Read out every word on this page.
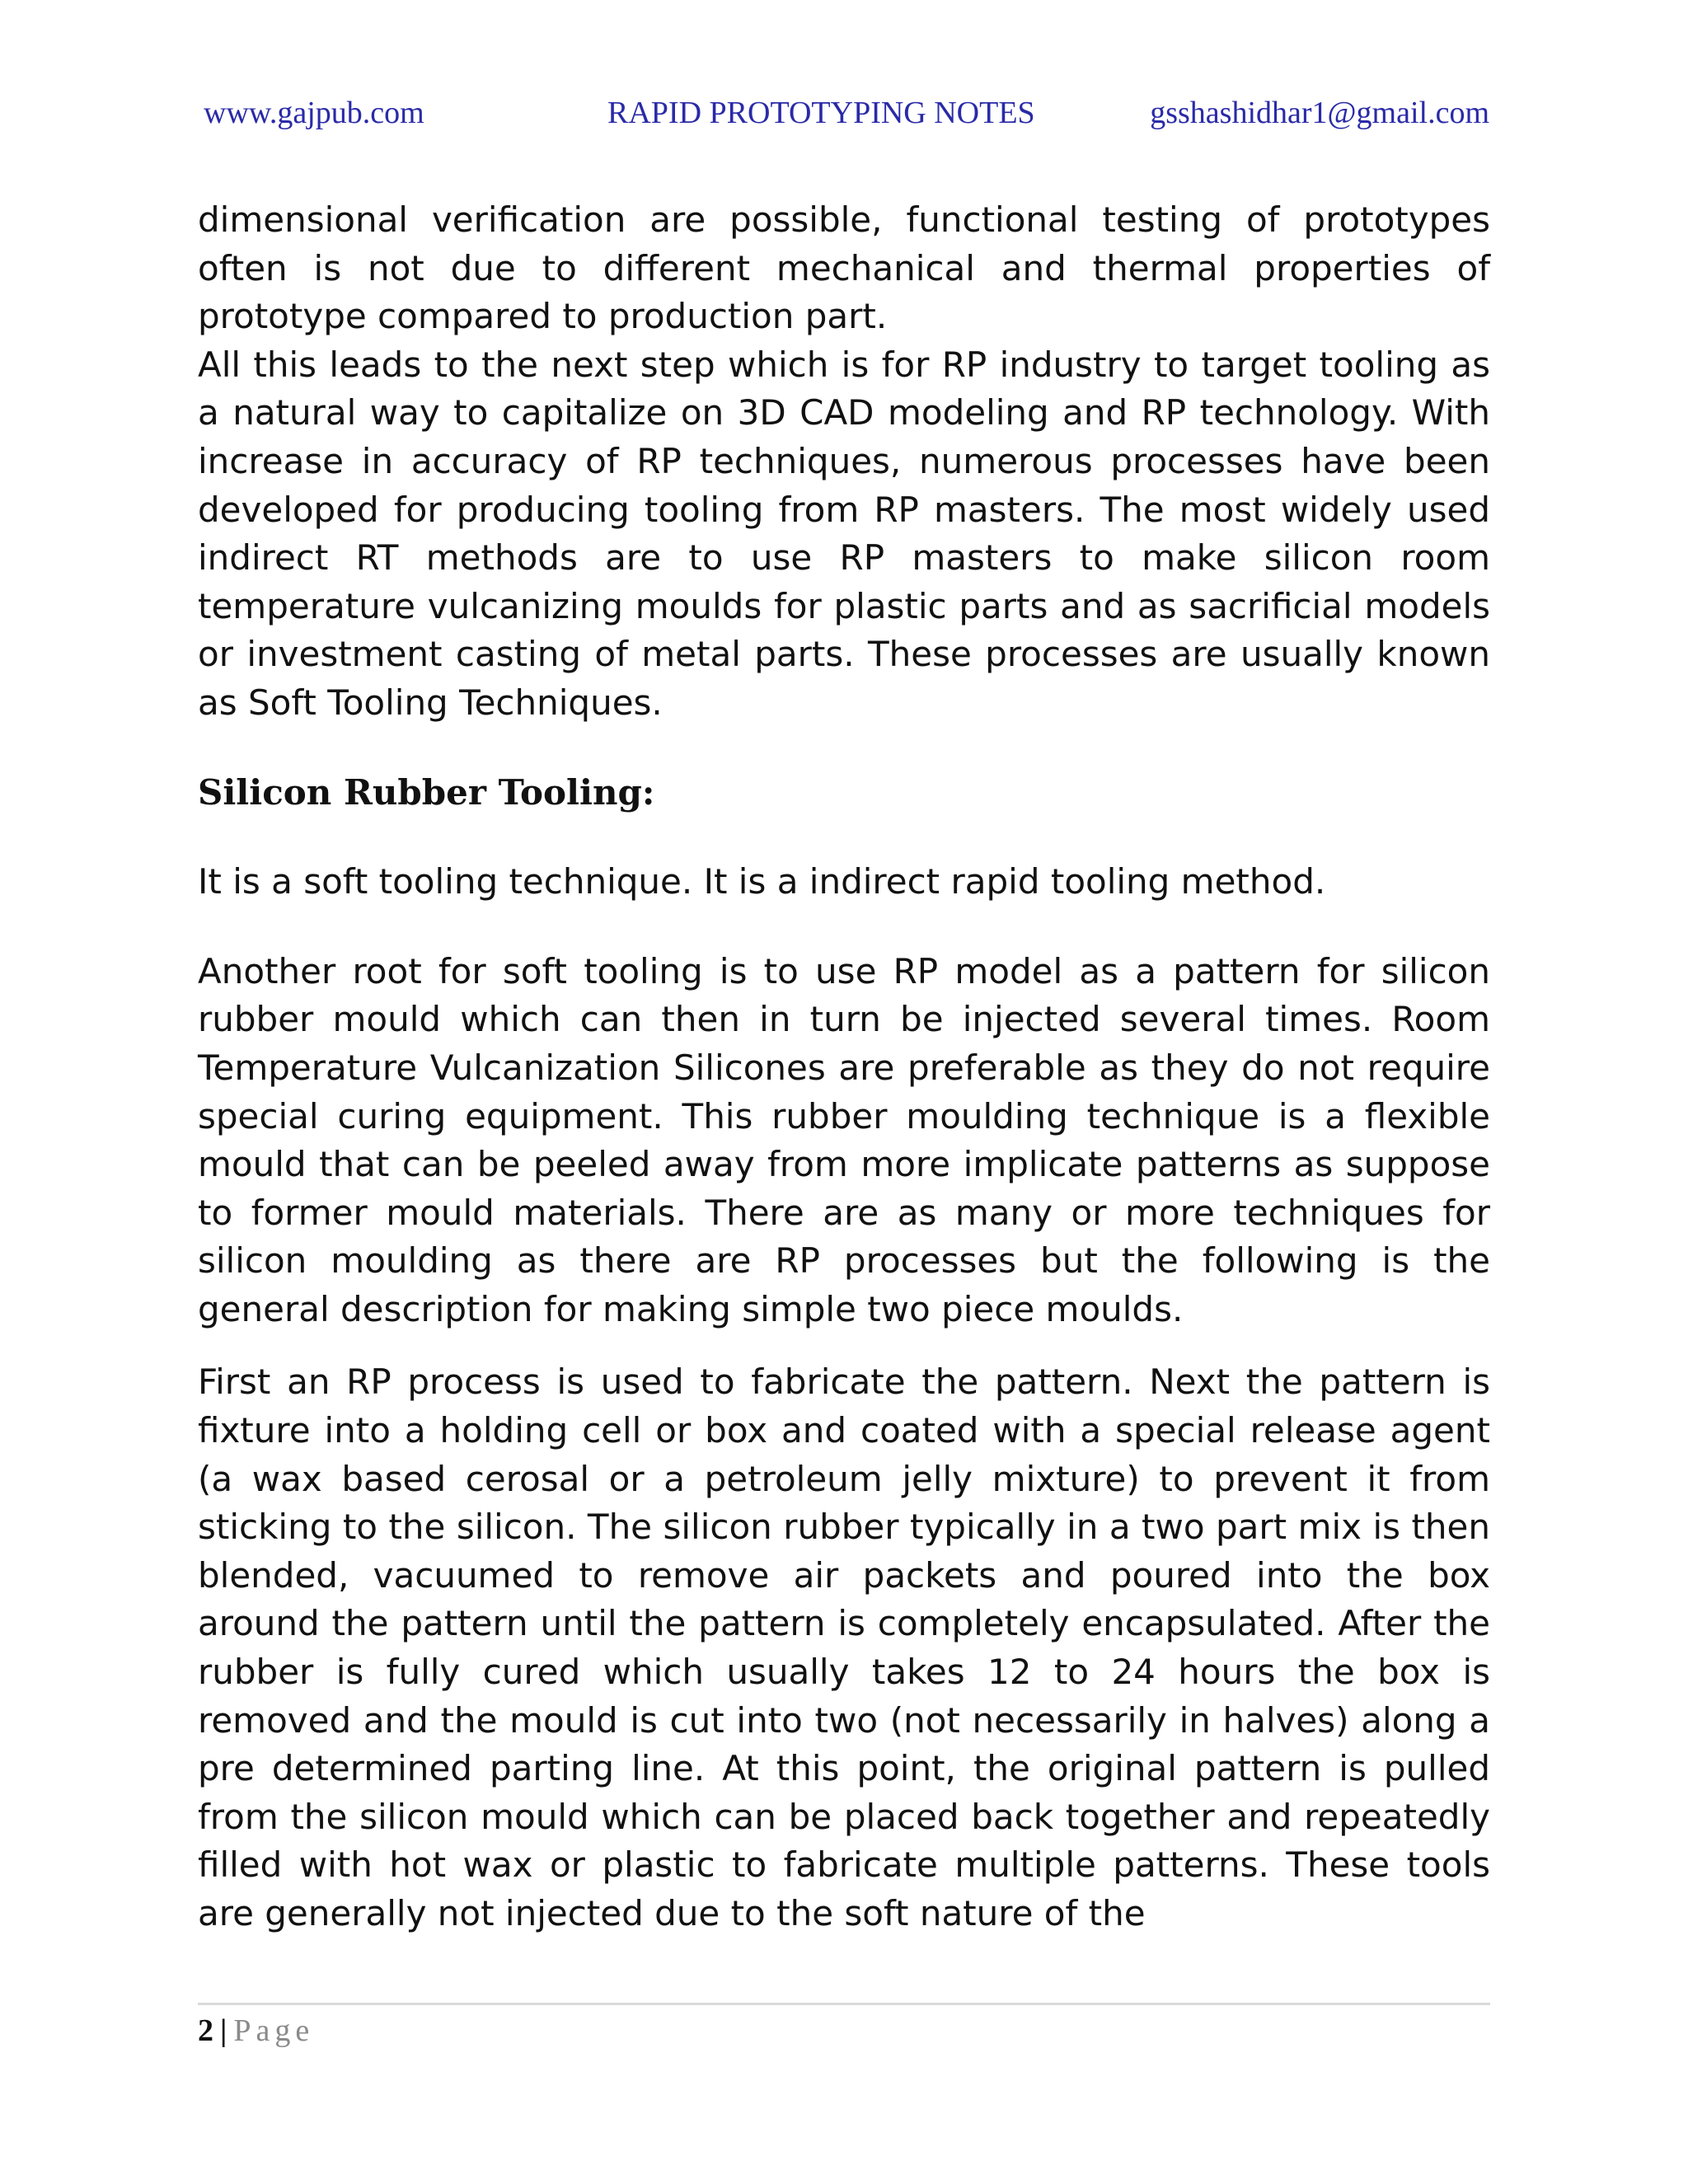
www.gajpub.com	RAPID PROTOTYPING NOTES	gsshashidhar1@gmail.com

dimensional verification are possible, functional testing of prototypes often is not due to different mechanical and thermal properties of prototype compared to production part.

All this leads to the next step which is for RP industry to target tooling as a natural way to capitalize on 3D CAD modeling and RP technology. With increase in accuracy of RP techniques, numerous processes have been developed for producing tooling from RP masters. The most widely used indirect RT methods are to use RP masters to make silicon room temperature vulcanizing moulds for plastic parts and as sacrificial models or investment casting of metal parts. These processes are usually known as Soft Tooling Techniques.

Silicon Rubber Tooling:

It is a soft tooling technique. It is a indirect rapid tooling method.

Another root for soft tooling is to use RP model as a pattern for silicon rubber mould which can then in turn be injected several times. Room Temperature Vulcanization Silicones are preferable as they do not require special curing equipment. This rubber moulding technique is a flexible mould that can be peeled away from more implicate patterns as suppose to former mould materials. There are as many or more techniques for silicon moulding as there are RP processes but the following is the general description for making simple two piece moulds.

First an RP process is used to fabricate the pattern. Next the pattern is fixture into a holding cell or box and coated with a special release agent (a wax based cerosal or a petroleum jelly mixture) to prevent it from sticking to the silicon. The silicon rubber typically in a two part mix is then blended, vacuumed to remove air packets and poured into the box around the pattern until the pattern is completely encapsulated. After the rubber is fully cured which usually takes 12 to 24 hours the box is removed and the mould is cut into two (not necessarily in halves) along a pre determined parting line. At this point, the original pattern is pulled from the silicon mould which can be placed back together and repeatedly filled with hot wax or plastic to fabricate multiple patterns. These tools are generally not injected due to the soft nature of the

2 | Page
